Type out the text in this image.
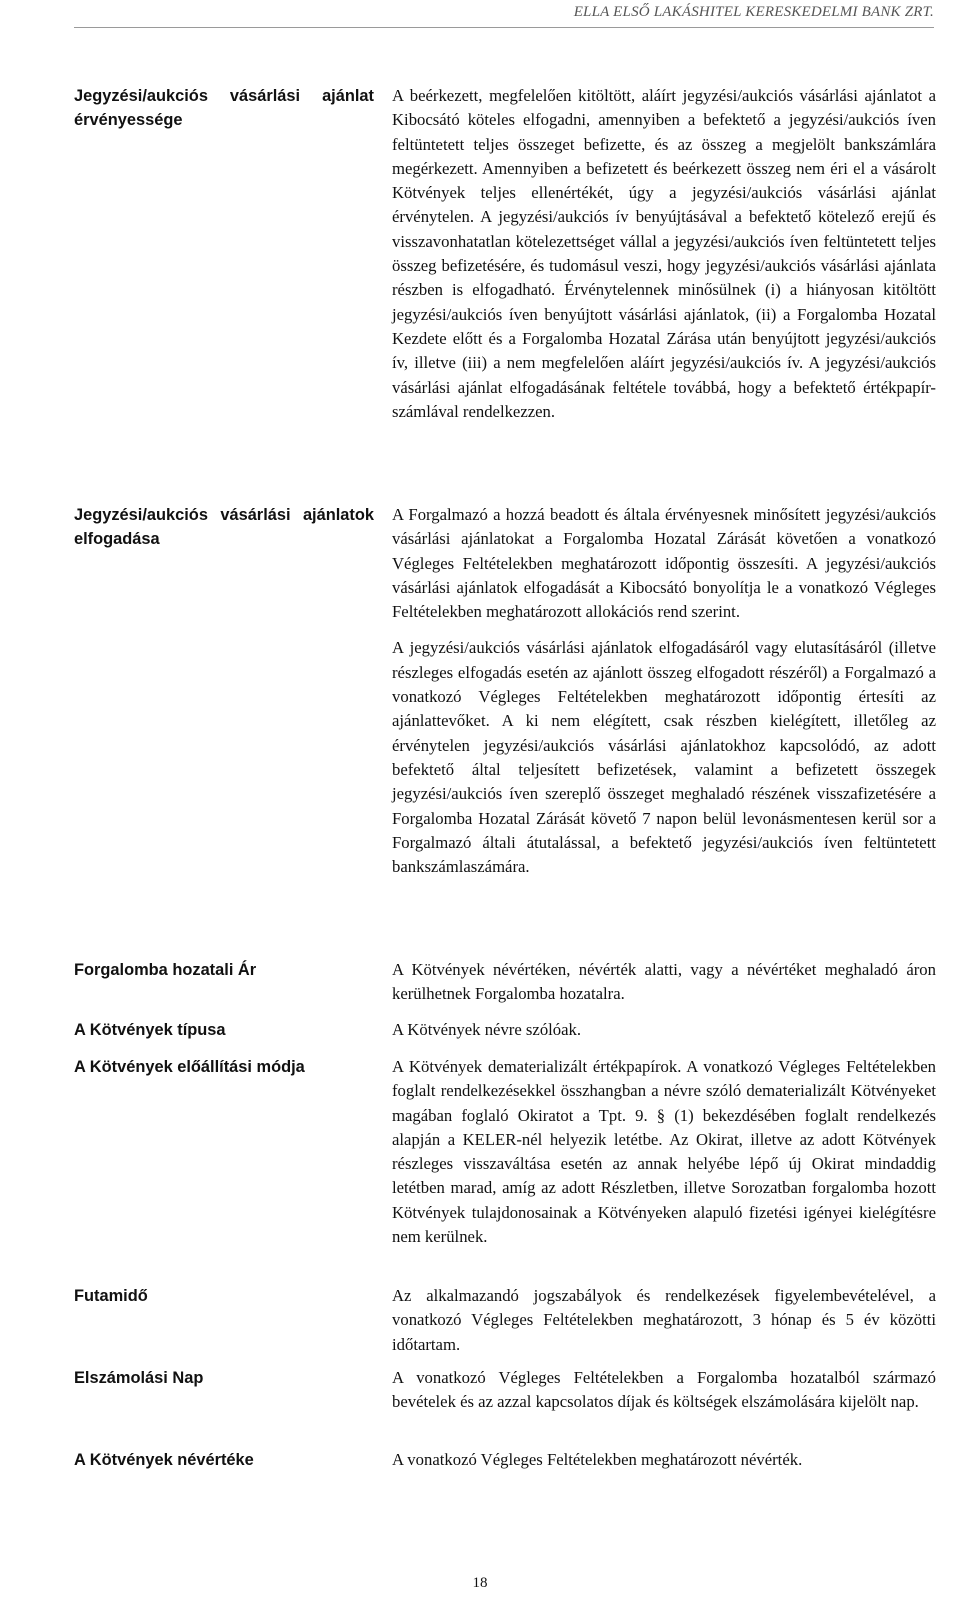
ELLA ELSŐ LAKÁSHITEL KERESKEDELMI BANK ZRT.
Jegyzési/aukciós vásárlási ajánlat érvényessége

A beérkezett, megfelelően kitöltött, aláírt jegyzési/aukciós vásárlási ajánlatot a Kibocsátó köteles elfogadni, amennyiben a befektető a jegyzési/aukciós íven feltüntetett teljes összeget befizette, és az összeg a megjelölt bankszámlára megérkezett. Amennyiben a befizetett és beérkezett összeg nem éri el a vásárolt Kötvények teljes ellenértékét, úgy a jegyzési/aukciós vásárlási ajánlat érvénytelen. A jegyzési/aukciós ív benyújtásával a befektető kötelező erejű és visszavonhatatlan kötelezettséget vállal a jegyzési/aukciós íven feltüntetett teljes összeg befizetésére, és tudomásul veszi, hogy jegyzési/aukciós vásárlási ajánlata részben is elfogadható. Érvénytelennek minősülnek (i) a hiányosan kitöltött jegyzési/aukciós íven benyújtott vásárlási ajánlatok, (ii) a Forgalomba Hozatal Kezdete előtt és a Forgalomba Hozatal Zárása után benyújtott jegyzési/aukciós ív, illetve (iii) a nem megfelelően aláírt jegyzési/aukciós ív. A jegyzési/aukciós vásárlási ajánlat elfogadásának feltétele továbbá, hogy a befektető értékpapír-számlával rendelkezzen.

Jegyzési/aukciós vásárlási ajánlatok elfogadása

A Forgalmazó a hozzá beadott és általa érvényesnek minősített jegyzési/aukciós vásárlási ajánlatokat a Forgalomba Hozatal Zárását követően a vonatkozó Végleges Feltételekben meghatározott időpontig összesíti. A jegyzési/aukciós vásárlási ajánlatok elfogadását a Kibocsátó bonyolítja le a vonatkozó Végleges Feltételekben meghatározott allokációs rend szerint.

A jegyzési/aukciós vásárlási ajánlatok elfogadásáról vagy elutasításáról (illetve részleges elfogadás esetén az ajánlott összeg elfogadott részéről) a Forgalmazó a vonatkozó Végleges Feltételekben meghatározott időpontig értesíti az ajánlattevőket. A ki nem elégített, csak részben kielégített, illetőleg az érvénytelen jegyzési/aukciós vásárlási ajánlatokhoz kapcsolódó, az adott befektető által teljesített befizetések, valamint a befizetett összegek jegyzési/aukciós íven szereplő összeget meghaladó részének visszafizetésére a Forgalomba Hozatal Zárását követő 7 napon belül levonásmentesen kerül sor a Forgalmazó általi átutalással, a befektető jegyzési/aukciós íven feltüntetett bankszámlaszámára.

Forgalomba hozatali Ár	A Kötvények névértéken, névérték alatti, vagy a névértéket meghaladó áron kerülhetnek Forgalomba hozatalra.

A Kötvények típusa	A Kötvények névre szólóak.

A Kötvények előállítási módja	A Kötvények dematerializált értékpapírok. A vonatkozó Végleges Feltételekben foglalt rendelkezésekkel összhangban a névre szóló dematerializált Kötvényeket magában foglaló Okiratot a Tpt. 9. § (1) bekezdésében foglalt rendelkezés alapján a KELER-nél helyezik letétbe. Az Okirat, illetve az adott Kötvények részleges visszaváltása esetén az annak helyébe lépő új Okirat mindaddig letétben marad, amíg az adott Részletben, illetve Sorozatban forgalomba hozott Kötvények tulajdonosainak a Kötvényeken alapuló fizetési igényei kielégítésre nem kerülnek.

Futamidő	Az alkalmazandó jogszabályok és rendelkezések figyelembevételével, a vonatkozó Végleges Feltételekben meghatározott, 3 hónap és 5 év közötti időtartam.

Elszámolási Nap	A vonatkozó Végleges Feltételekben a Forgalomba hozatalból származó bevételek és az azzal kapcsolatos díjak és költségek elszámolására kijelölt nap.

A Kötvények névértéke	A vonatkozó Végleges Feltételekben meghatározott névérték.

18
